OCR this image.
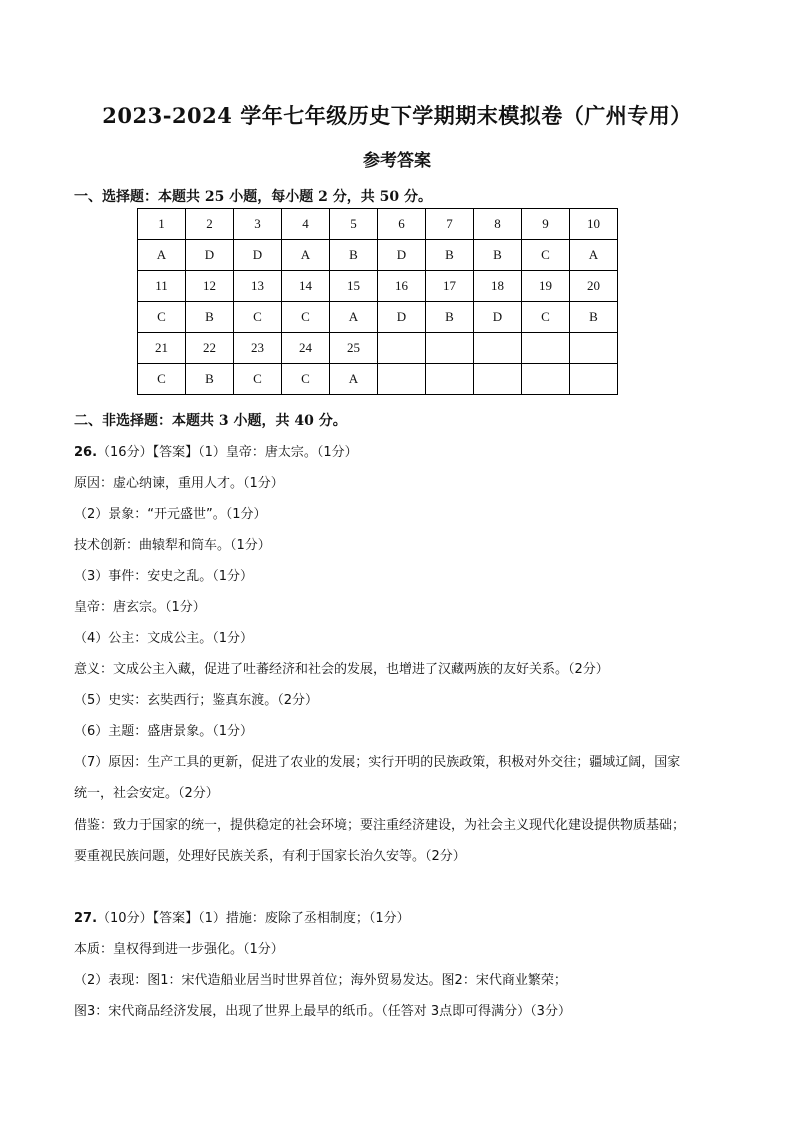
2023-2024 学年七年级历史下学期期末模拟卷（广州专用）
参考答案
一、选择题：本题共 25 小题，每小题 2 分，共 50 分。
1	2	3	4	5	6	7	8	9	10
A	D	D	A	B	D	B	B	C	A
11	12	13	14	15	16	17	18	19	20
C	B	C	C	A	D	B	D	C	B
21	22	23	24	25					
C	B	C	C	A					
二、非选择题：本题共 3 小题，共 40 分。
26.（16分）【答案】（1）皇帝：唐太宗。（1分）
原因：虚心纳谏，重用人才。（1分）
（2）景象：“开元盛世”。（1分）
技术创新：曲辕犁和筒车。（1分）
（3）事件：安史之乱。（1分）
皇帝：唐玄宗。（1分）
（4）公主：文成公主。（1分）
意义：文成公主入藏，促进了吐蕃经济和社会的发展，也增进了汉藏两族的友好关系。（2分）
（5）史实：玄奘西行；鉴真东渡。（2分）
（6）主题：盛唐景象。（1分）
（7）原因：生产工具的更新，促进了农业的发展；实行开明的民族政策，积极对外交往；疆域辽阔，国家
统一，社会安定。（2分）
借鉴：致力于国家的统一，提供稳定的社会环境；要注重经济建设，为社会主义现代化建设提供物质基础；
要重视民族问题，处理好民族关系，有利于国家长治久安等。（2分）
27.（10分）【答案】（1）措施：废除了丞相制度；（1分）
本质：皇权得到进一步强化。（1分）
（2）表现：图1：宋代造船业居当时世界首位；海外贸易发达。图2：宋代商业繁荣；
图3：宋代商品经济发展，出现了世界上最早的纸币。（任答对 3点即可得满分）（3分）
